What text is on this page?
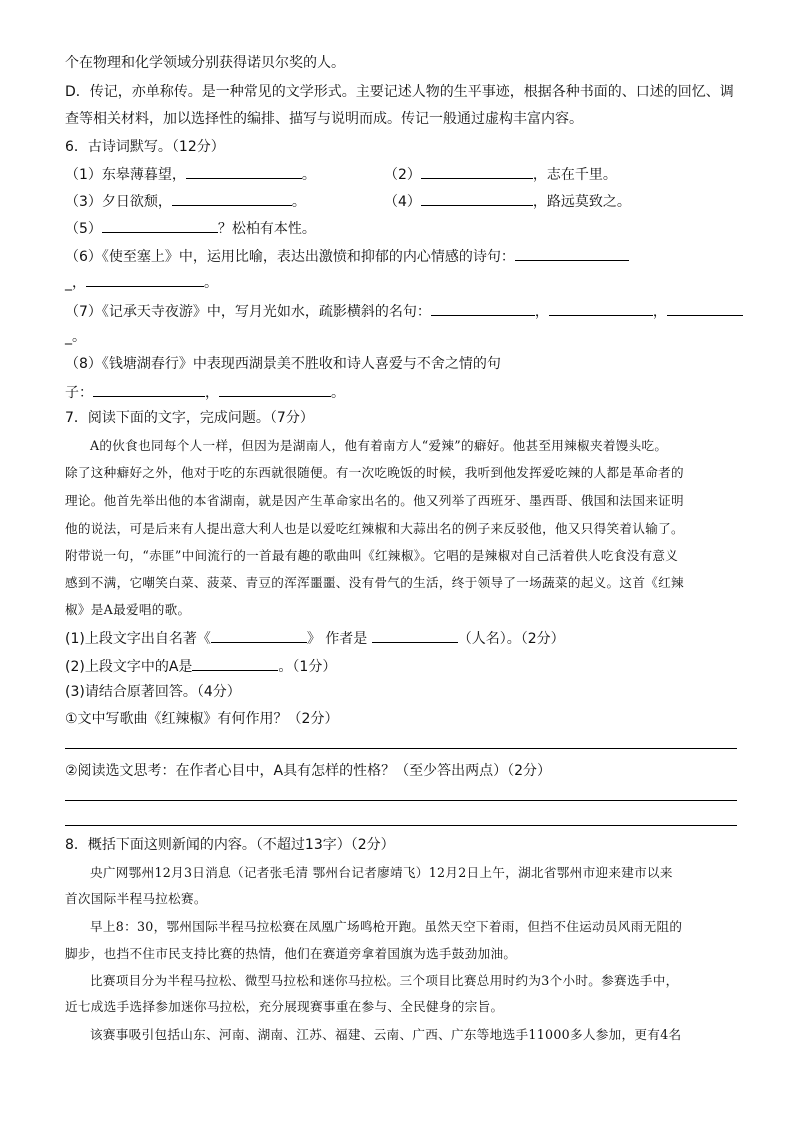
个在物理和化学领域分别获得诺贝尔奖的人。
D．传记，亦单称传。是一种常见的文学形式。主要记述人物的生平事迹，根据各种书面的、口述的回忆、调
查等相关材料，加以选择性的编排、描写与说明而成。传记一般通过虚构丰富内容。
6．古诗词默写。（12分）
（1）东皋薄暮望，	。	（2）	，志在千里。
（3）夕日欲颓，	。	（4）	，路远莫致之。
（5）	？松柏有本性。
（6）《使至塞上》中，运用比喻，表达出激愤和抑郁的内心情感的诗句：
_，	。
（7）《记承天寺夜游》中，写月光如水，疏影横斜的名句：	，	，
_。
（8）《钱塘湖春行》中表现西湖景美不胜收和诗人喜爱与不舍之情的句
子：	，	。
7．阅读下面的文字，完成问题。（7分）
A的伙食也同每个人一样，但因为是湖南人，他有着南方人“爱辣”的癖好。他甚至用辣椒夹着馒头吃。
除了这种癖好之外，他对于吃的东西就很随便。有一次吃晚饭的时候，我听到他发挥爱吃辣的人都是革命者的
理论。他首先举出他的本省湖南，就是因产生革命家出名的。他又列举了西班牙、墨西哥、俄国和法国来证明
他的说法，可是后来有人提出意大利人也是以爱吃红辣椒和大蒜出名的例子来反驳他，他又只得笑着认输了。
附带说一句，“赤匪”中间流行的一首最有趣的歌曲叫《红辣椒》。它唱的是辣椒对自己活着供人吃食没有意义
感到不满，它嘲笑白菜、菠菜、青豆的浑浑噩噩、没有骨气的生活，终于领导了一场蔬菜的起义。这首《红辣
椒》是A最爱唱的歌。
(1)上段文字出自名著《	》 作者是	（人名）。（2分）
(2)上段文字中的A是	。（1分）
(3)请结合原著回答。（4分）
①文中写歌曲《红辣椒》有何作用？（2分）
②阅读选文思考：在作者心目中，A具有怎样的性格？（至少答出两点）（2分）
8．概括下面这则新闻的内容。（不超过13字）（2分）
央广网鄂州12月3日消息（记者张毛清 鄂州台记者廖靖飞）12月2日上午，湖北省鄂州市迎来建市以来
首次国际半程马拉松赛。
早上8：30，鄂州国际半程马拉松赛在凤凰广场鸣枪开跑。虽然天空下着雨，但挡不住运动员风雨无阻的
脚步，也挡不住市民支持比赛的热情，他们在赛道旁拿着国旗为选手鼓劲加油。
比赛项目分为半程马拉松、微型马拉松和迷你马拉松。三个项目比赛总用时约为3个小时。参赛选手中，
近七成选手选择参加迷你马拉松，充分展现赛事重在参与、全民健身的宗旨。
该赛事吸引包括山东、河南、湖南、江苏、福建、云南、广西、广东等地选手11000多人参加，更有4名
